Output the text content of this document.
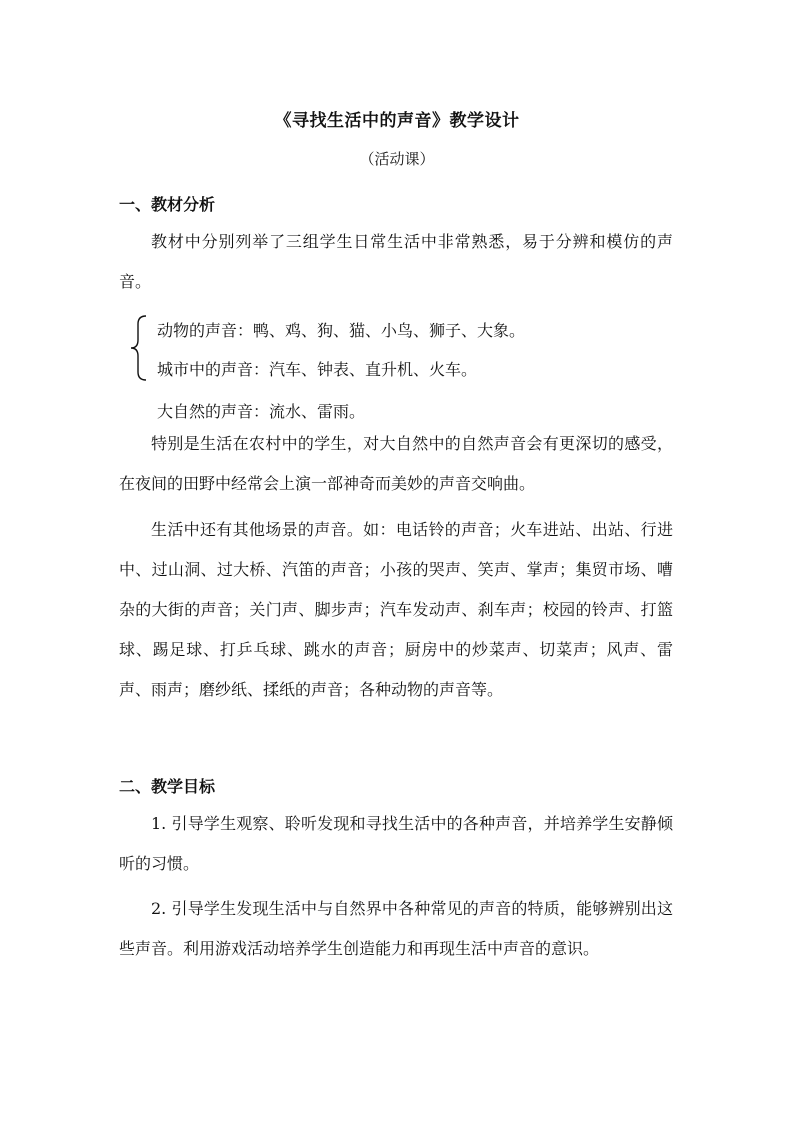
《寻找生活中的声音》教学设计
（活动课）
一、教材分析

教材中分别列举了三组学生日常生活中非常熟悉，易于分辨和模仿的声音。

动物的声音：鸭、鸡、狗、猫、小鸟、狮子、大象。
城市中的声音：汽车、钟表、直升机、火车。
大自然的声音：流水、雷雨。

特别是生活在农村中的学生，对大自然中的自然声音会有更深切的感受，在夜间的田野中经常会上演一部神奇而美妙的声音交响曲。

生活中还有其他场景的声音。如：电话铃的声音；火车进站、出站、行进中、过山洞、过大桥、汽笛的声音；小孩的哭声、笑声、掌声；集贸市场、嘈杂的大街的声音；关门声、脚步声；汽车发动声、刹车声；校园的铃声、打篮球、踢足球、打乒乓球、跳水的声音；厨房中的炒菜声、切菜声；风声、雷声、雨声；磨纱纸、揉纸的声音；各种动物的声音等。

二、教学目标

1. 引导学生观察、聆听发现和寻找生活中的各种声音，并培养学生安静倾听的习惯。

2. 引导学生发现生活中与自然界中各种常见的声音的特质，能够辨别出这些声音。利用游戏活动培养学生创造能力和再现生活中声音的意识。
